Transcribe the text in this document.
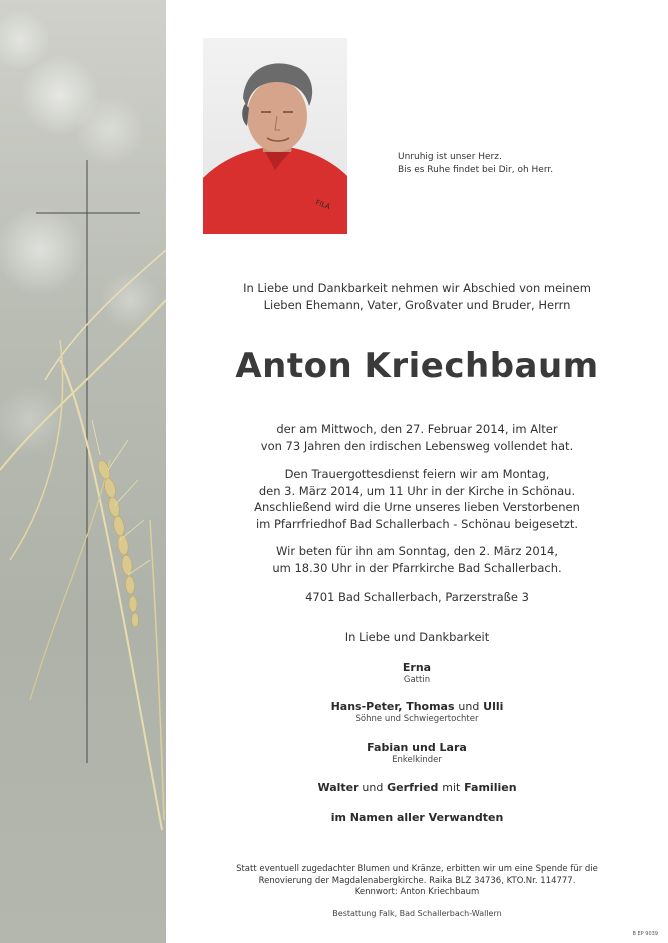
FILA

Unruhig ist unser Herz.

Bis es Ruhe findet bei Dir, oh Herr.

In Liebe und Dankbarkeit nehmen wir Abschied von meinem

Lieben Ehemann, Vater, Großvater und Bruder, Herrn

Anton Kriechbaum

der am Mittwoch, den 27. Februar 2014, im Alter

von 73 Jahren den irdischen Lebensweg vollendet hat.

Den Trauergottesdienst feiern wir am Montag,

den 3. März 2014, um 11 Uhr in der Kirche in Schönau.

Anschließend wird die Urne unseres lieben Verstorbenen

im Pfarrfriedhof Bad Schallerbach - Schönau beigesetzt.

Wir beten für ihn am Sonntag, den 2. März 2014,

um 18.30 Uhr in der Pfarrkirche Bad Schallerbach.

4701 Bad Schallerbach, Parzerstraße 3
In Liebe und Dankbarkeit
Erna
Gattin
Hans-Peter, Thomas und Ulli
Söhne und Schwiegertochter
Fabian und Lara
Enkelkinder
Walter und Gerfried mit Familien
im Namen aller Verwandten

Statt eventuell zugedachter Blumen und Kränze, erbitten wir um eine Spende für die

Renovierung der Magdalenabergkirche. Raika BLZ 34736, KTO.Nr. 114777.

Kennwort: Anton Kriechbaum

Bestattung Falk, Bad Schallerbach-Wallern
B EP 9039
